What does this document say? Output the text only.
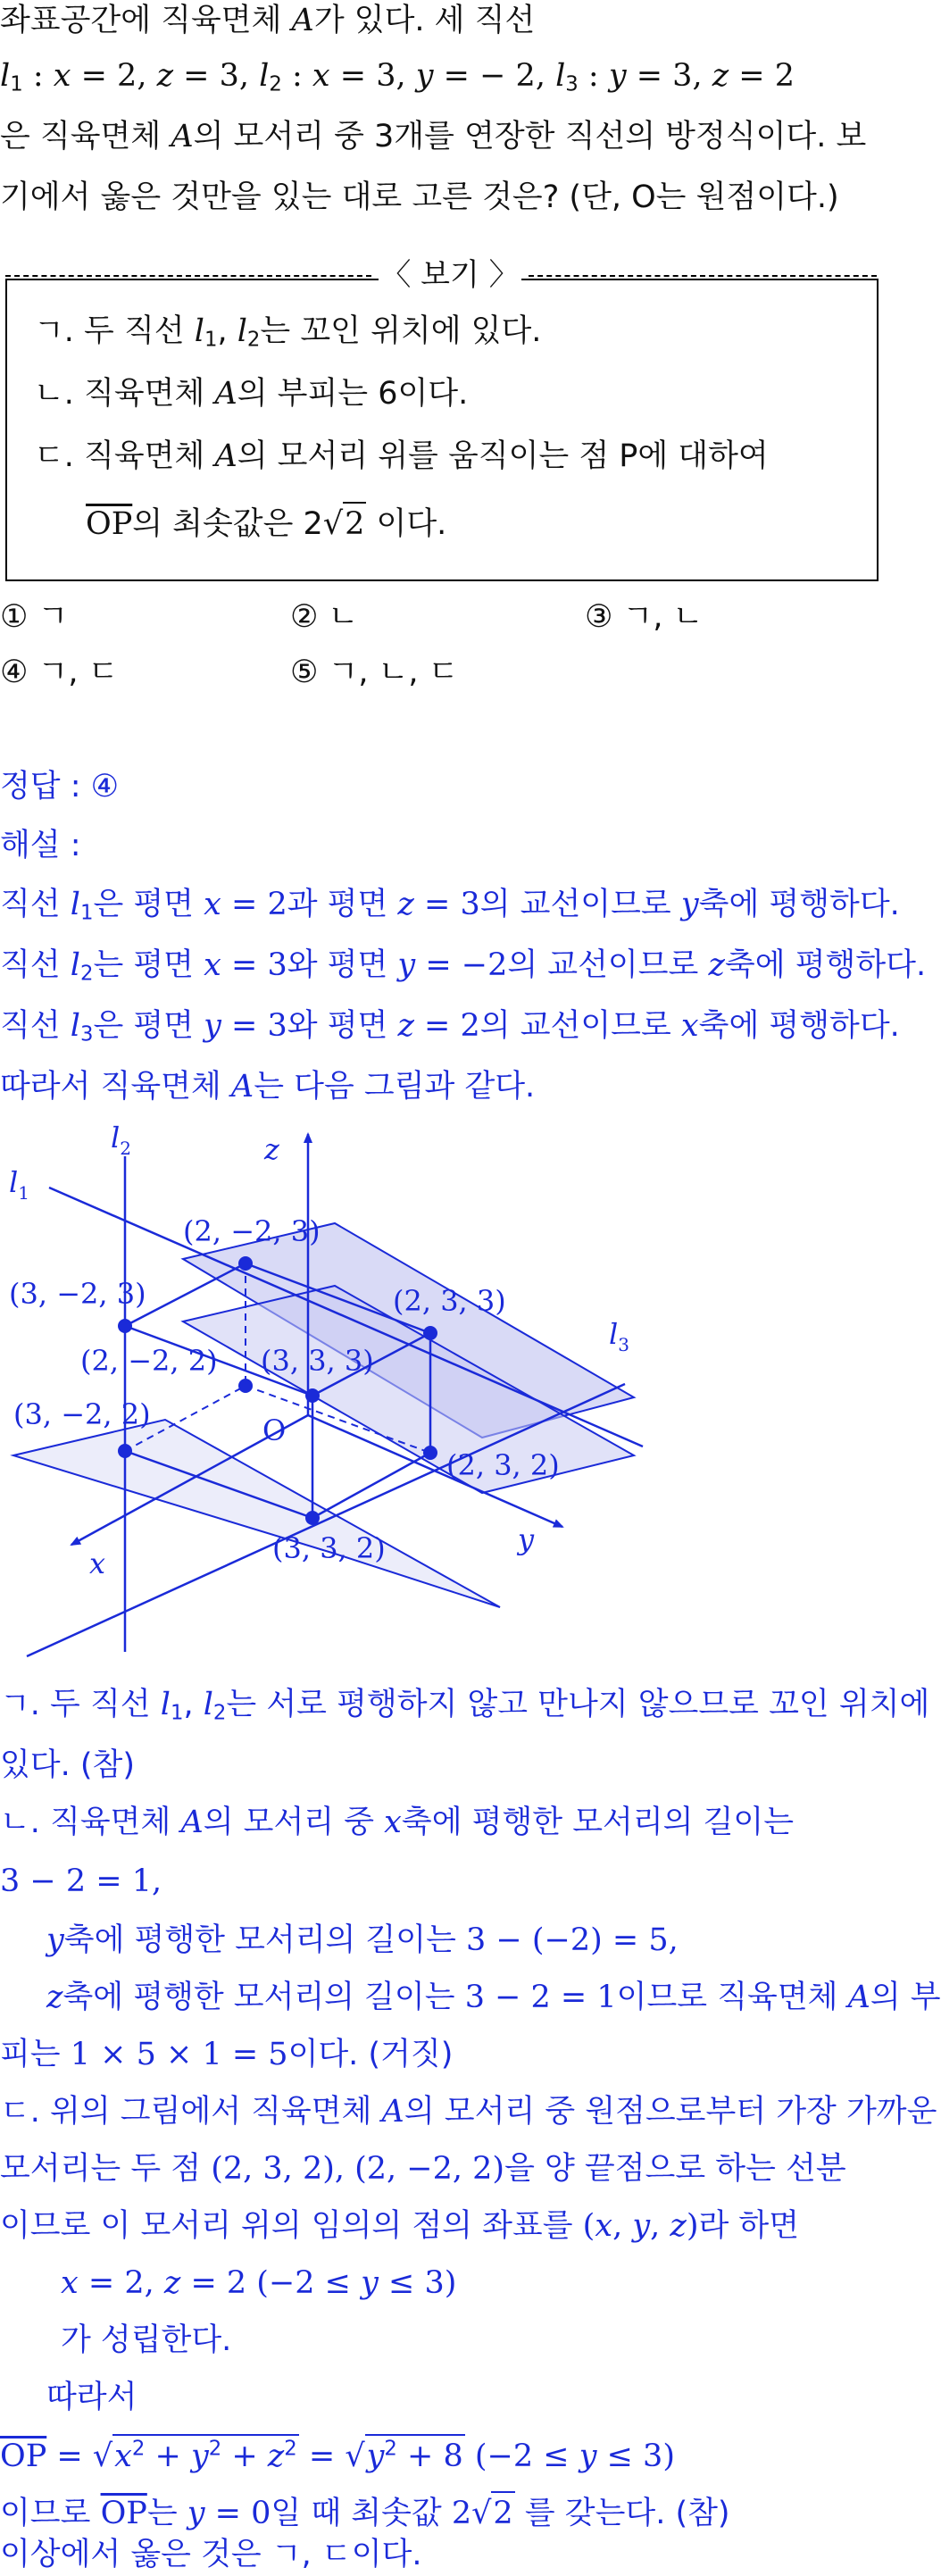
좌표공간에 직육면체 A가 있다. 세 직선
$l_1$ : x = 2, z = 3, $l_2$ : x = 3, y = − 2, $l_3$ : y = 3, z = 2
은 직육면체 A의 모서리 중 3개를 연장한 직선의 방정식이다. 보
기에서 옳은 것만을 있는 대로 고른 것은? (단, O는 원점이다.)
〈 보기 〉
ㄱ. 두 직선 $l_1$, $l_2$는 꼬인 위치에 있다.
ㄴ. 직육면체 A의 부피는 6이다.
ㄷ. 직육면체 A의 모서리 위를 움직이는 점 P에 대하여
$\overline{OP}$의 최솟값은 2√2 이다.
① ㄱ	② ㄴ	③ ㄱ, ㄴ
④ ㄱ, ㄷ	⑤ ㄱ, ㄴ, ㄷ
정답 : ④
해설 :
직선 $l_1$은 평면 x = 2과 평면 z = 3의 교선이므로 y축에 평행하다.
직선 $l_2$는 평면 x = 3와 평면 y = −2의 교선이므로 z축에 평행하다.
직선 $l_3$은 평면 y = 3와 평면 z = 2의 교선이므로 x축에 평행하다.
따라서 직육면체 A는 다음 그림과 같다.
$l_1$
$l_2$
$l_3$
z
y
x
O
(2, −2, 3)
(3, −2, 3)	(2, 3, 3)
(2, −2, 2) (3, 3, 3)
(3, −2, 2)
(2, 3, 2)
(3, 3, 2)
ㄱ. 두 직선 $l_1$, $l_2$는 서로 평행하지 않고 만나지 않으므로 꼬인 위치에
있다. (참)
ㄴ. 직육면체 A의 모서리 중 x축에 평행한 모서리의 길이는
3 − 2 = 1,
y축에 평행한 모서리의 길이는 3 − (−2) = 5,
z축에 평행한 모서리의 길이는 3 − 2 = 1이므로 직육면체 A의 부
피는 1 × 5 × 1 = 5이다. (거짓)
ㄷ. 위의 그림에서 직육면체 A의 모서리 중 원점으로부터 가장 가까운
모서리는 두 점 (2, 3, 2), (2, −2, 2)을 양 끝점으로 하는 선분
이므로 이 모서리 위의 임의의 점의 좌표를 (x, y, z)라 하면
x = 2, z = 2 (−2 ≤ y ≤ 3)
가 성립한다.
따라서
$\overline{OP} = √x^2 + y^2 + z^2 = √y^2 + 8$ (−2 ≤ y ≤ 3)
이므로 $\overline{OP}$는 y = 0일 때 최솟값 2√2 를 갖는다. (참)
이상에서 옳은 것은 ㄱ, ㄷ이다.
